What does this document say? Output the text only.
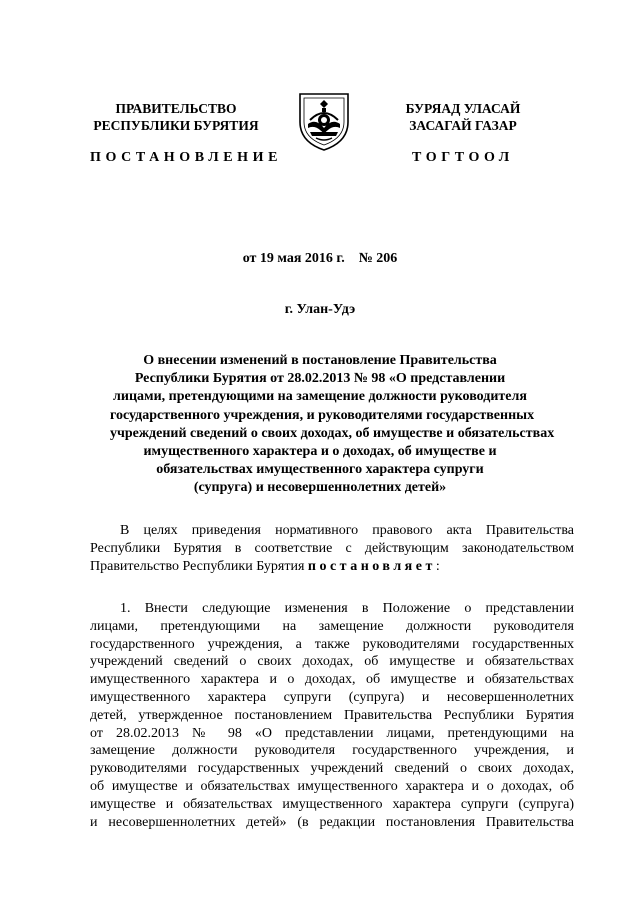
ПРАВИТЕЛЬСТВО
РЕСПУБЛИКИ БУРЯТИЯ
БУРЯАД УЛАСАЙ
ЗАСАГАЙ ГАЗАР
ПОСТАНОВЛЕНИЕ	ТОГТООЛ
от 19 мая 2016 г.    № 206
г. Улан-Удэ
О внесении изменений в постановление Правительства
Республики Бурятия от 28.02.2013 № 98 «О представлении
лицами, претендующими на замещение должности руководителя
государственного учреждения, и руководителями государственных
учреждений сведений о своих доходах, об имуществе и обязательствах
имущественного характера и о доходах, об имуществе и
обязательствах имущественного характера супруги
(супруга) и несовершеннолетних детей»
В целях приведения нормативного правового акта Правительства
Республики Бурятия в соответствие с действующим законодательством
Правительство Республики Бурятия постановляет:
1. Внести следующие изменения в Положение о представлении
лицами, претендующими на замещение должности руководителя
государственного учреждения, а также руководителями государственных
учреждений сведений о своих доходах, об имуществе и обязательствах
имущественного характера и о доходах, об имуществе и обязательствах
имущественного характера супруги (супруга) и несовершеннолетних
детей, утвержденное постановлением Правительства Республики Бурятия
от 28.02.2013 № 98 «О представлении лицами, претендующими на
замещение должности руководителя государственного учреждения, и
руководителями государственных учреждений сведений о своих доходах,
об имуществе и обязательствах имущественного характера и о доходах, об
имуществе и обязательствах имущественного характера супруги (супруга)
и несовершеннолетних детей» (в редакции постановления Правительства
